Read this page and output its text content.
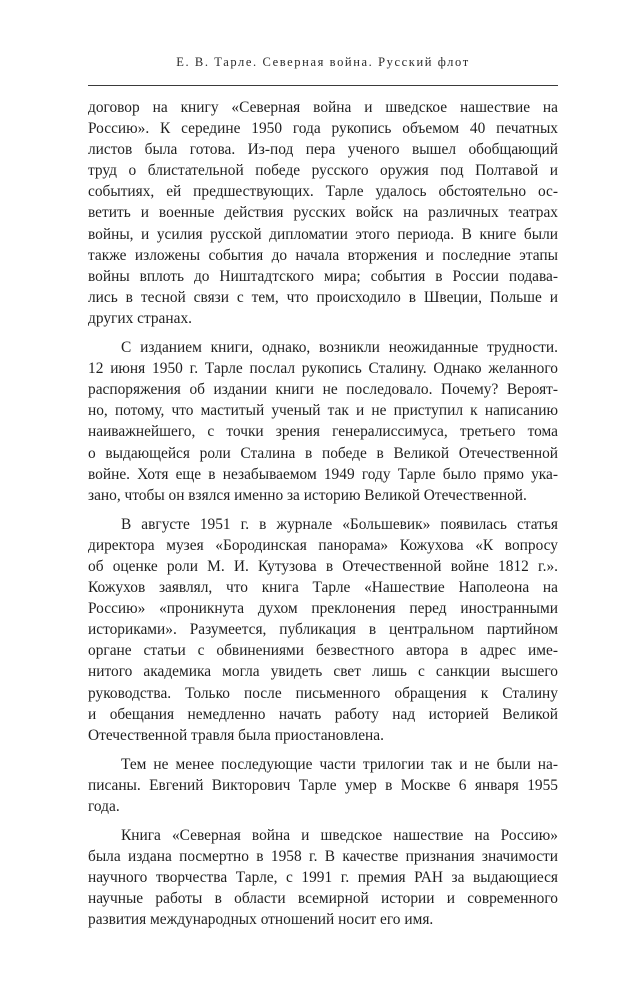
Е. В. Тарле. Северная война. Русский флот

договор на книгу «Северная война и шведское нашествие на
Россию». К середине 1950 года рукопись объемом 40 печатных
листов была готова. Из-под пера ученого вышел обобщающий
труд о блистательной победе русского оружия под Полтавой и
событиях, ей предшествующих. Тарле удалось обстоятельно ос-
ветить и военные действия русских войск на различных театрах
войны, и усилия русской дипломатии этого периода. В книге были
также изложены события до начала вторжения и последние этапы
войны вплоть до Ништадтского мира; события в России подава-
лись в тесной связи с тем, что происходило в Швеции, Польше и
других странах.

С изданием книги, однако, возникли неожиданные трудности.
12 июня 1950 г. Тарле послал рукопись Сталину. Однако желанного
распоряжения об издании книги не последовало. Почему? Вероят-
но, потому, что маститый ученый так и не приступил к написанию
наиважнейшего, с точки зрения генералиссимуса, третьего тома
о выдающейся роли Сталина в победе в Великой Отечественной
войне. Хотя еще в незабываемом 1949 году Тарле было прямо ука-
зано, чтобы он взялся именно за историю Великой Отечественной.

В августе 1951 г. в журнале «Большевик» появилась статья
директора музея «Бородинская панорама» Кожухова «К вопросу
об оценке роли М. И. Кутузова в Отечественной войне 1812 г.».
Кожухов заявлял, что книга Тарле «Нашествие Наполеона на
Россию» «проникнута духом преклонения перед иностранными
историками». Разумеется, публикация в центральном партийном
органе статьи с обвинениями безвестного автора в адрес име-
нитого академика могла увидеть свет лишь с санкции высшего
руководства. Только после письменного обращения к Сталину
и обещания немедленно начать работу над историей Великой
Отечественной травля была приостановлена.

Тем не менее последующие части трилогии так и не были на-
писаны. Евгений Викторович Тарле умер в Москве 6 января 1955
года.

Книга «Северная война и шведское нашествие на Россию»
была издана посмертно в 1958 г. В качестве признания значимости
научного творчества Тарле, с 1991 г. премия РАН за выдающиеся
научные работы в области всемирной истории и современного
развития международных отношений носит его имя.
